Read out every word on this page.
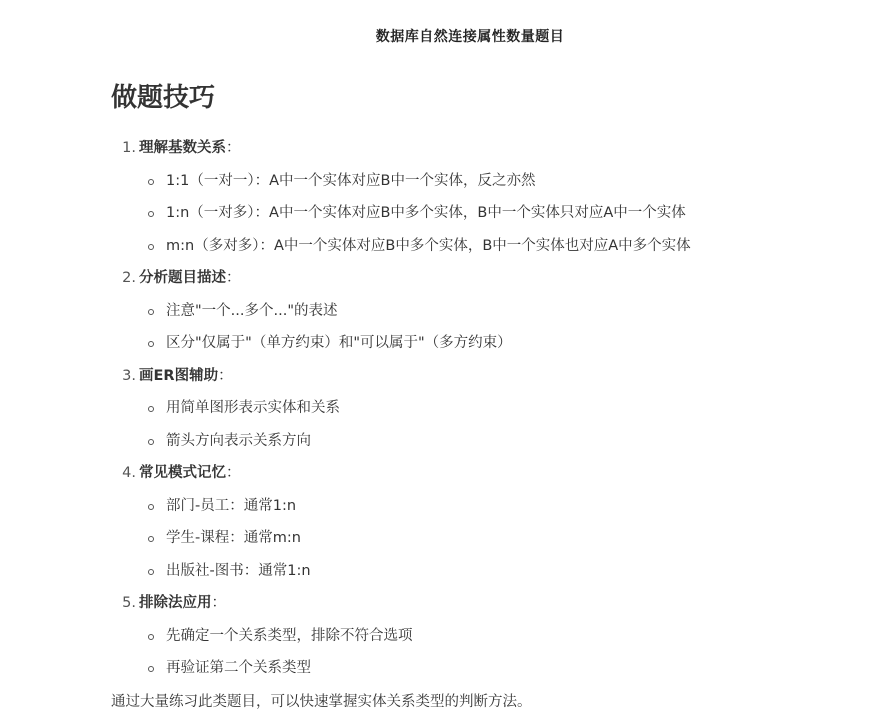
数据库自然连接属性数量题目
做题技巧
1. 理解基数关系：
1:1（一对一）：A中一个实体对应B中一个实体，反之亦然
1:n（一对多）：A中一个实体对应B中多个实体，B中一个实体只对应A中一个实体
m:n（多对多）：A中一个实体对应B中多个实体，B中一个实体也对应A中多个实体
2. 分析题目描述：
注意"一个...多个..."的表述
区分"仅属于"（单方约束）和"可以属于"（多方约束）
3. 画ER图辅助：
用简单图形表示实体和关系
箭头方向表示关系方向
4. 常见模式记忆：
部门-员工：通常1:n
学生-课程：通常m:n
出版社-图书：通常1:n
5. 排除法应用：
先确定一个关系类型，排除不符合选项
再验证第二个关系类型

通过大量练习此类题目，可以快速掌握实体关系类型的判断方法。
